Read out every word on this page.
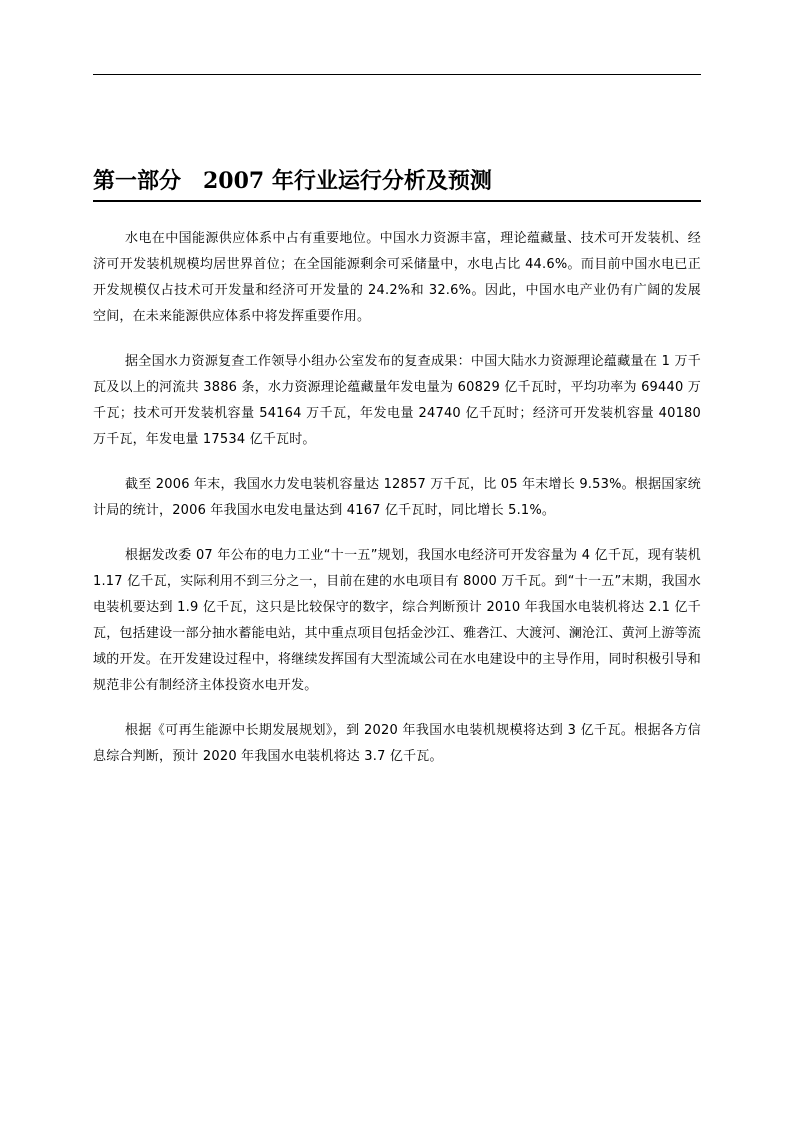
第一部分　2007 年行业运行分析及预测

水电在中国能源供应体系中占有重要地位。中国水力资源丰富，理论蕴藏量、技术可开发装机、经济可开发装机规模均居世界首位；在全国能源剩余可采储量中，水电占比 44.6%。而目前中国水电已正开发规模仅占技术可开发量和经济可开发量的 24.2%和 32.6%。因此，中国水电产业仍有广阔的发展空间，在未来能源供应体系中将发挥重要作用。

据全国水力资源复查工作领导小组办公室发布的复查成果：中国大陆水力资源理论蕴藏量在 1 万千瓦及以上的河流共 3886 条，水力资源理论蕴藏量年发电量为 60829 亿千瓦时，平均功率为 69440 万千瓦；技术可开发装机容量 54164 万千瓦，年发电量 24740 亿千瓦时；经济可开发装机容量 40180 万千瓦，年发电量 17534 亿千瓦时。

截至 2006 年末，我国水力发电装机容量达 12857 万千瓦，比 05 年末增长 9.53%。根据国家统计局的统计，2006 年我国水电发电量达到 4167 亿千瓦时，同比增长 5.1%。

根据发改委 07 年公布的电力工业“十一五”规划，我国水电经济可开发容量为 4 亿千瓦，现有装机 1.17 亿千瓦，实际利用不到三分之一，目前在建的水电项目有 8000 万千瓦。到“十一五”末期，我国水电装机要达到 1.9 亿千瓦，这只是比较保守的数字，综合判断预计 2010 年我国水电装机将达 2.1 亿千瓦，包括建设一部分抽水蓄能电站，其中重点项目包括金沙江、雅砻江、大渡河、澜沧江、黄河上游等流域的开发。在开发建设过程中，将继续发挥国有大型流域公司在水电建设中的主导作用，同时积极引导和规范非公有制经济主体投资水电开发。

根据《可再生能源中长期发展规划》，到 2020 年我国水电装机规模将达到 3 亿千瓦。根据各方信息综合判断，预计 2020 年我国水电装机将达 3.7 亿千瓦。
